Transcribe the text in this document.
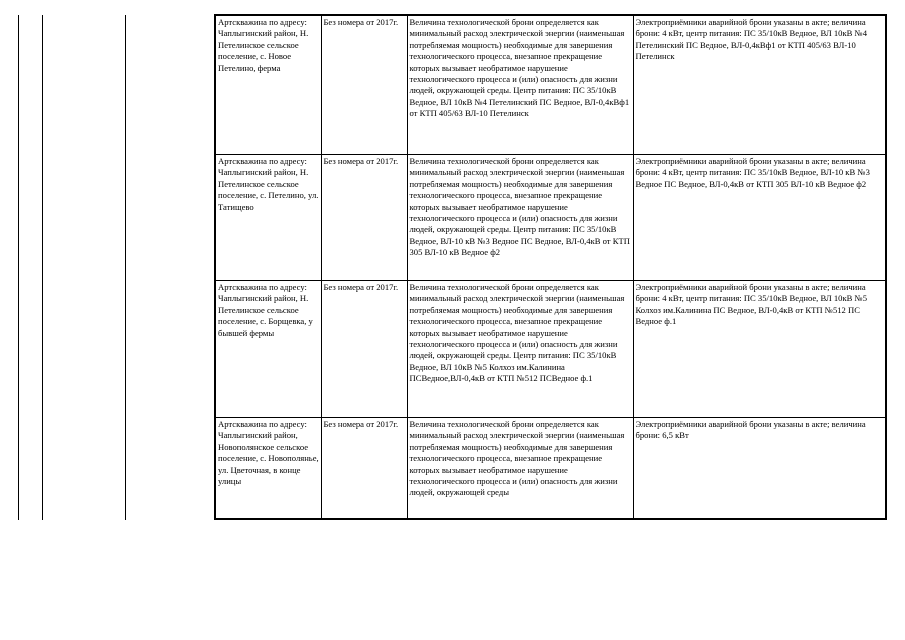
Артскважина по адресу: Чаплыгинский район, Н. Петелинское сельское поселение, с. Новое Петелино, ферма	Без номера от 2017г.	Величина технологической брони определяется как минимальный расход электрической энергии (наименьшая потребляемая мощность) необходимые для завершения технологического процесса, внезапное прекращение которых вызывает необратимое нарушение технологического процесса и (или) опасность для жизни людей, окружающей среды. Центр питания: ПС 35/10кВ Ведное, ВЛ 10кВ №4 Петелинский ПС Ведное, ВЛ-0,4кВф1 от КТП 405/63 ВЛ-10 Петелинск	Электроприёмники аварийной брони указаны в акте; величина брони: 4 кВт, центр питания: ПС 35/10кВ Ведное, ВЛ 10кВ №4 Петелинский ПС Ведное, ВЛ-0,4кВф1 от КТП 405/63 ВЛ-10 Петелинск
Артскважина по адресу: Чаплыгинский район, Н. Петелинское сельское поселение, с. Петелино, ул. Татищево	Без номера от 2017г.	Величина технологической брони определяется как минимальный расход электрической энергии (наименьшая потребляемая мощность) необходимые для завершения технологического процесса, внезапное прекращение которых вызывает необратимое нарушение технологического процесса и (или) опасность для жизни людей, окружающей среды. Центр питания: ПС 35/10кВ Ведное, ВЛ-10 кВ №3 Ведное ПС Ведное, ВЛ-0,4кВ от КТП 305 ВЛ-10 кВ Ведное ф2	Электроприёмники аварийной брони указаны в акте; величина брони: 4 кВт, центр питания: ПС 35/10кВ Ведное, ВЛ-10 кВ №3 Ведное ПС Ведное, ВЛ-0,4кВ от КТП 305 ВЛ-10 кВ Ведное ф2
Артскважина по адресу: Чаплыгинский район, Н. Петелинское сельское поселение, с. Борщевка, у бывшей фермы	Без номера от 2017г.	Величина технологической брони определяется как минимальный расход электрической энергии (наименьшая потребляемая мощность) необходимые для завершения технологического процесса, внезапное прекращение которых вызывает необратимое нарушение технологического процесса и (или) опасность для жизни людей, окружающей среды. Центр питания: ПС 35/10кВ Ведное, ВЛ 10кВ №5 Колхоз им.Калинина ПСВедное,ВЛ-0,4кВ от КТП №512 ПСВедное ф.1	Электроприёмники аварийной брони указаны в акте; величина брони: 4 кВт, центр питания: ПС 35/10кВ Ведное, ВЛ 10кВ №5 Колхоз им.Калинина ПС Ведное, ВЛ-0,4кВ от КТП №512 ПС Ведное ф.1
Артскважина по адресу: Чаплыгинский район, Новополянское сельское поселение, с. Новополянье, ул. Цветочная, в конце улицы	Без номера от 2017г.	Величина технологической брони определяется как минимальный расход электрической энергии (наименьшая потребляемая мощность) необходимые для завершения технологического процесса, внезапное прекращение которых вызывает необратимое нарушение технологического процесса и (или) опасность для жизни людей, окружающей среды	Электроприёмники аварийной брони указаны в акте; величина брони: 6,5 кВт
